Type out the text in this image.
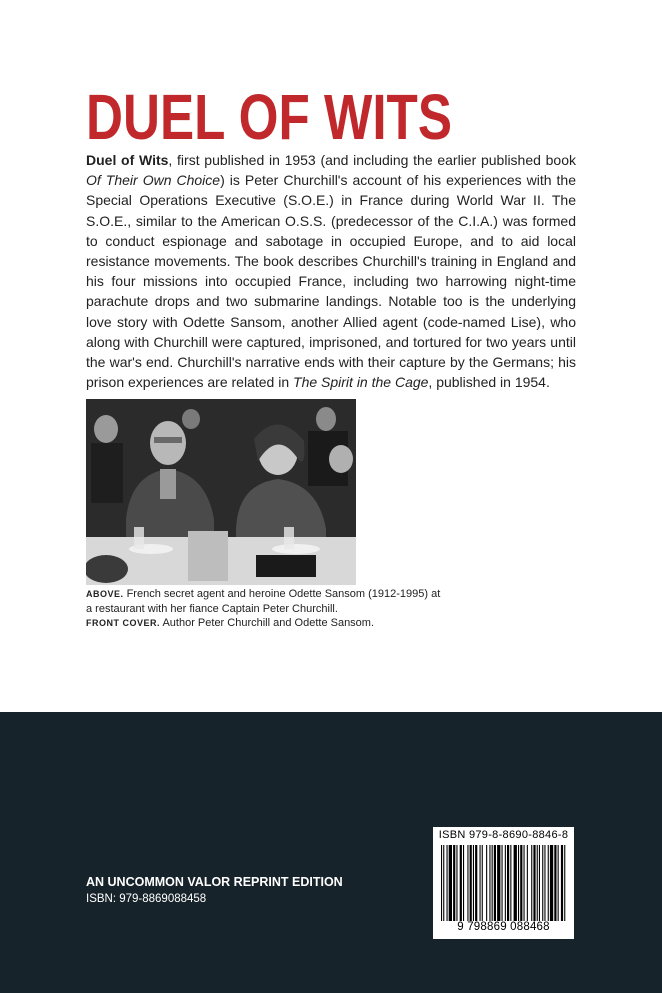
DUEL OF WITS
Duel of Wits, first published in 1953 (and including the earlier published book Of Their Own Choice) is Peter Churchill's account of his experiences with the Special Operations Executive (S.O.E.) in France during World War II. The S.O.E., similar to the American O.S.S. (predecessor of the C.I.A.) was formed to conduct espionage and sabotage in occupied Europe, and to aid local resistance movements. The book describes Churchill's training in England and his four missions into occupied France, including two harrowing night-time parachute drops and two submarine landings. Notable too is the underlying love story with Odette Sansom, another Allied agent (code-named Lise), who along with Churchill were captured, imprisoned, and tortured for two years until the war's end. Churchill's narrative ends with their capture by the Germans; his prison experiences are related in The Spirit in the Cage, published in 1954.
ABOVE. French secret agent and heroine Odette Sansom (1912-1995) at a restaurant with her fiance Captain Peter Churchill.
FRONT COVER. Author Peter Churchill and Odette Sansom.
AN UNCOMMON VALOR REPRINT EDITION
ISBN: 979-8869088458
ISBN 979-8-8690-8846-8
9 798869 088468
